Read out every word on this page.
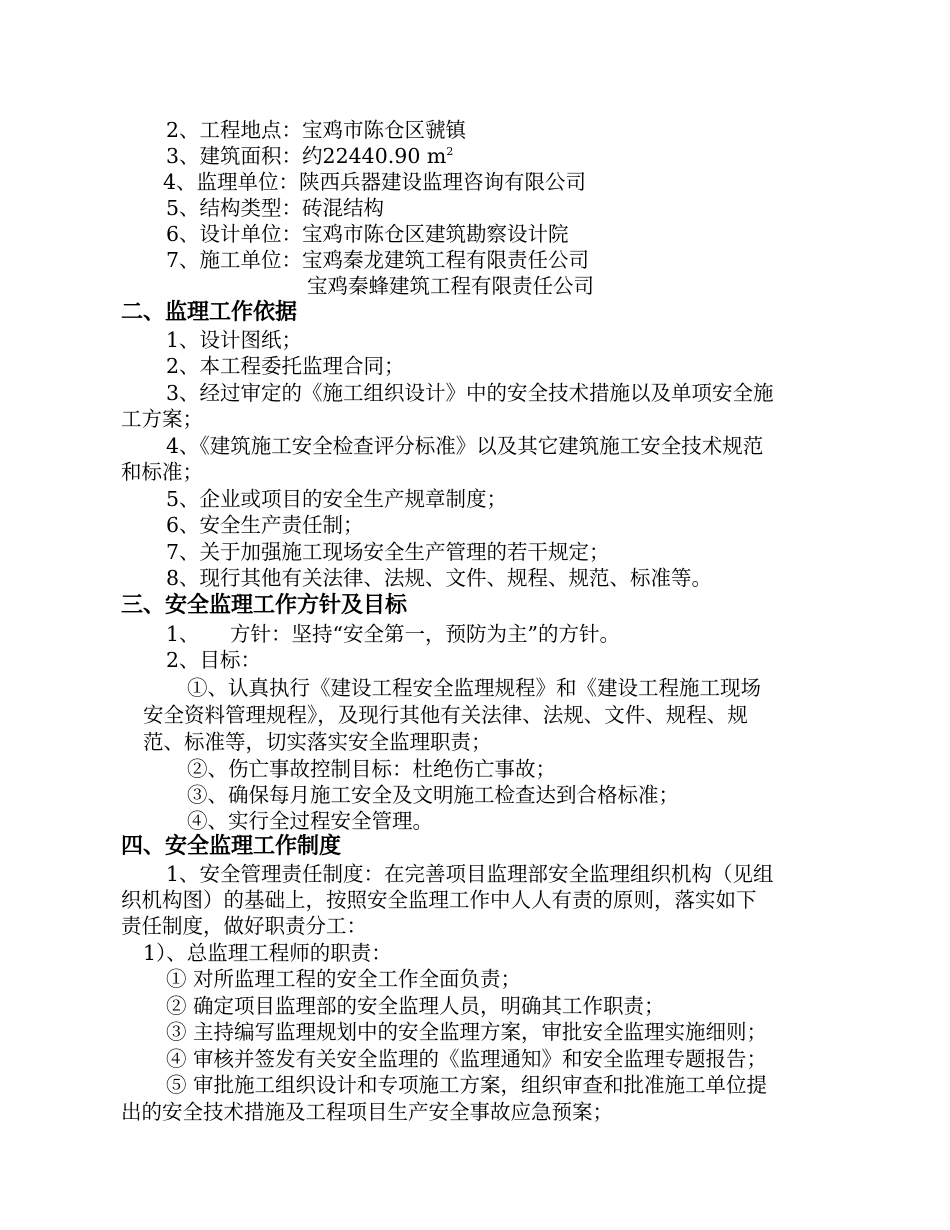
2、工程地点：宝鸡市陈仓区虢镇
3、建筑面积：约22440.90 $m^2$
4、监理单位：陕西兵器建设监理咨询有限公司
5、结构类型：砖混结构
6、设计单位：宝鸡市陈仓区建筑勘察设计院
7、施工单位：宝鸡秦龙建筑工程有限责任公司
宝鸡秦蜂建筑工程有限责任公司
二、监理工作依据
1、设计图纸；
2、本工程委托监理合同；
3、经过审定的《施工组织设计》中的安全技术措施以及单项安全施
工方案；
4、《建筑施工安全检查评分标准》以及其它建筑施工安全技术规范
和标准；
5、企业或项目的安全生产规章制度；
6、安全生产责任制；
7、关于加强施工现场安全生产管理的若干规定；
8、现行其他有关法律、法规、文件、规程、规范、标准等。
三、安全监理工作方针及目标
1、 方针：坚持“安全第一，预防为主”的方针。
2、目标：
①、认真执行《建设工程安全监理规程》和《建设工程施工现场
安全资料管理规程》，及现行其他有关法律、法规、文件、规程、规
范、标准等，切实落实安全监理职责；
②、伤亡事故控制目标：杜绝伤亡事故；
③、确保每月施工安全及文明施工检查达到合格标准；
④、实行全过程安全管理。
四、安全监理工作制度
1、安全管理责任制度：在完善项目监理部安全监理组织机构（见组
织机构图）的基础上，按照安全监理工作中人人有责的原则，落实如下
责任制度，做好职责分工：
1）、总监理工程师的职责：
① 对所监理工程的安全工作全面负责；
② 确定项目监理部的安全监理人员，明确其工作职责；
③ 主持编写监理规划中的安全监理方案，审批安全监理实施细则；
④ 审核并签发有关安全监理的《监理通知》和安全监理专题报告；
⑤ 审批施工组织设计和专项施工方案，组织审查和批准施工单位提
出的安全技术措施及工程项目生产安全事故应急预案；
